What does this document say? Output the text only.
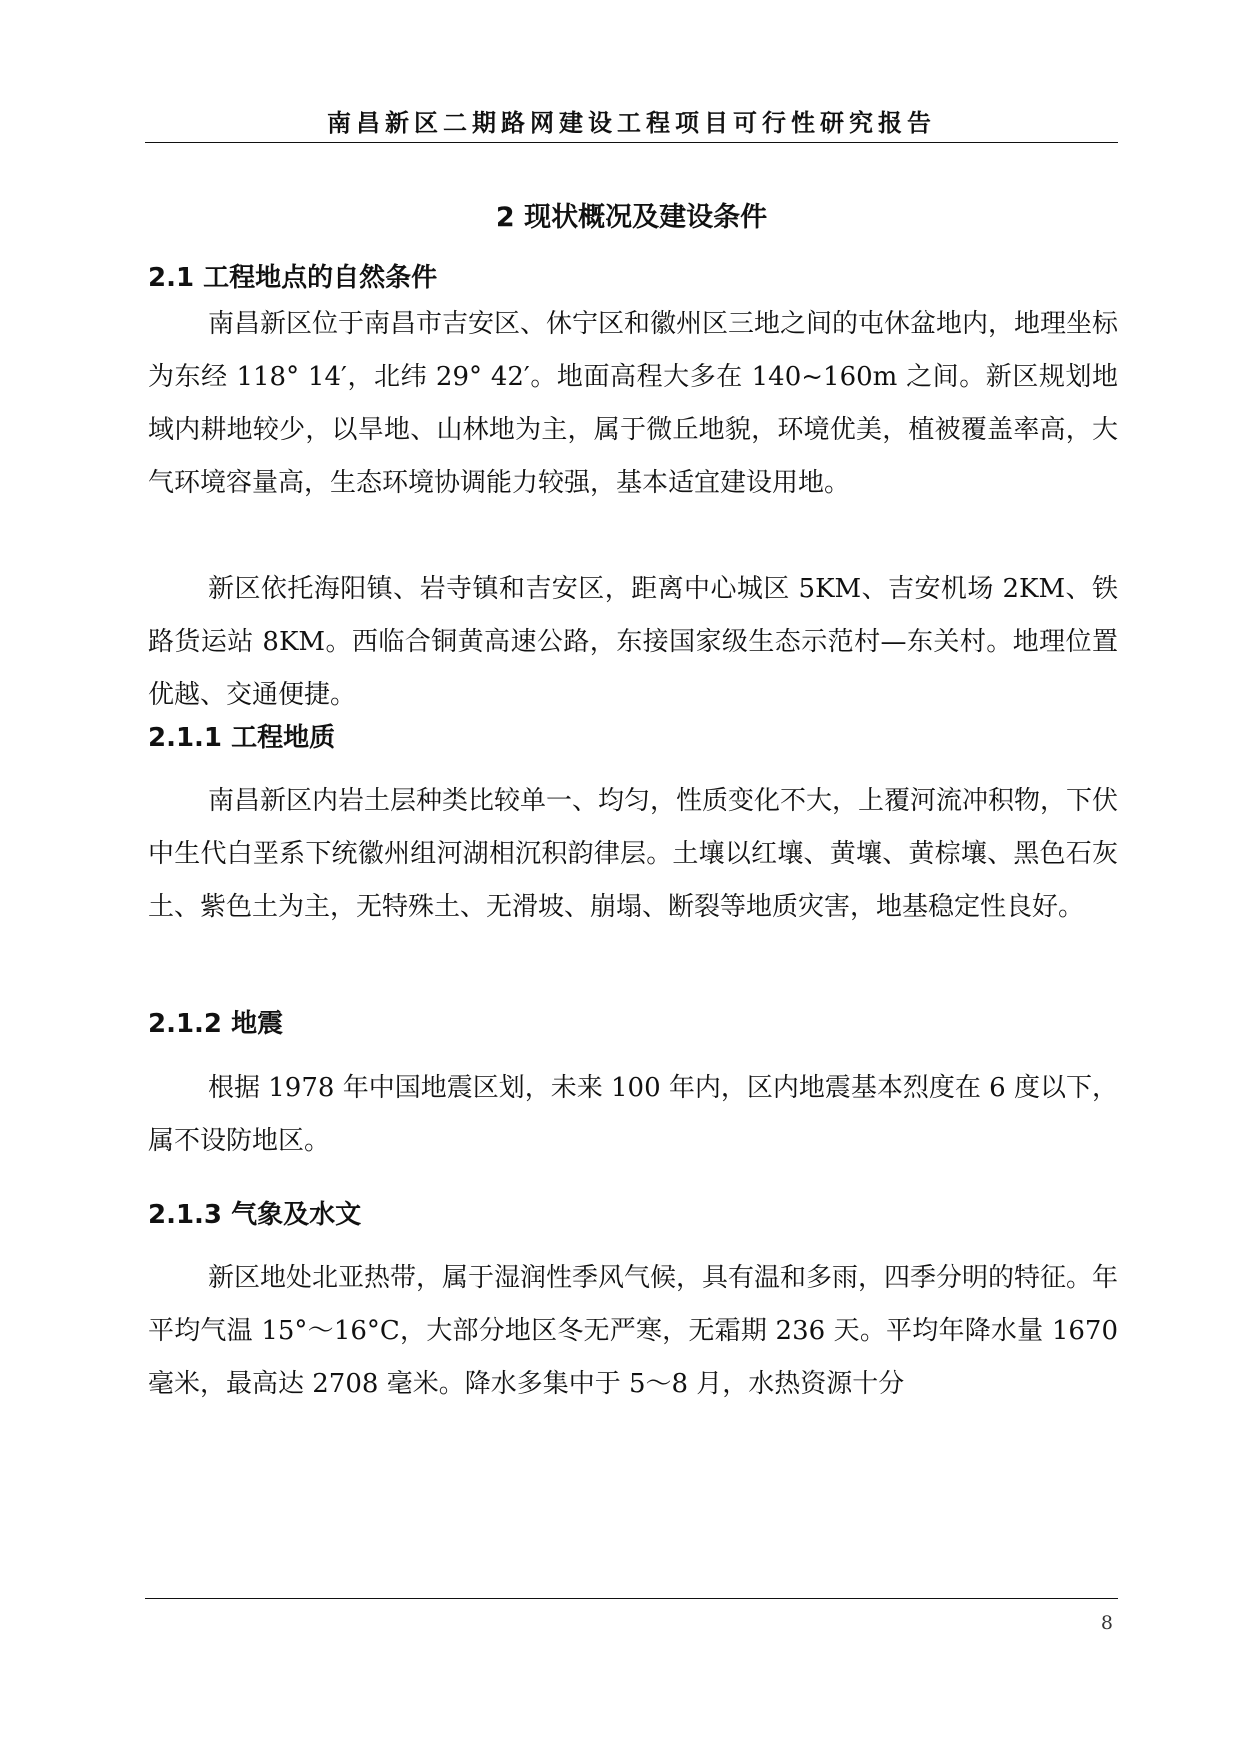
南昌新区二期路网建设工程项目可行性研究报告
2 现状概况及建设条件
2.1 工程地点的自然条件

南昌新区位于南昌市吉安区、休宁区和徽州区三地之间的屯休盆地内，地理坐标为东经 118° 14′，北纬 29° 42′。地面高程大多在 140~160m 之间。新区规划地域内耕地较少，以旱地、山林地为主，属于微丘地貌，环境优美，植被覆盖率高，大气环境容量高，生态环境协调能力较强，基本适宜建设用地。

新区依托海阳镇、岩寺镇和吉安区，距离中心城区 5KM、吉安机场 2KM、铁路货运站 8KM。西临合铜黄高速公路，东接国家级生态示范村—东关村。地理位置优越、交通便捷。

2.1.1 工程地质

南昌新区内岩土层种类比较单一、均匀，性质变化不大，上覆河流冲积物，下伏中生代白垩系下统徽州组河湖相沉积韵律层。土壤以红壤、黄壤、黄棕壤、黑色石灰土、紫色土为主，无特殊土、无滑坡、崩塌、断裂等地质灾害，地基稳定性良好。

2.1.2 地震

根据 1978 年中国地震区划，未来 100 年内，区内地震基本烈度在 6 度以下，属不设防地区。

2.1.3 气象及水文

新区地处北亚热带，属于湿润性季风气候，具有温和多雨，四季分明的特征。年平均气温 15°～16°C，大部分地区冬无严寒，无霜期 236 天。平均年降水量 1670 毫米，最高达 2708 毫米。降水多集中于 5～8 月，水热资源十分

8
